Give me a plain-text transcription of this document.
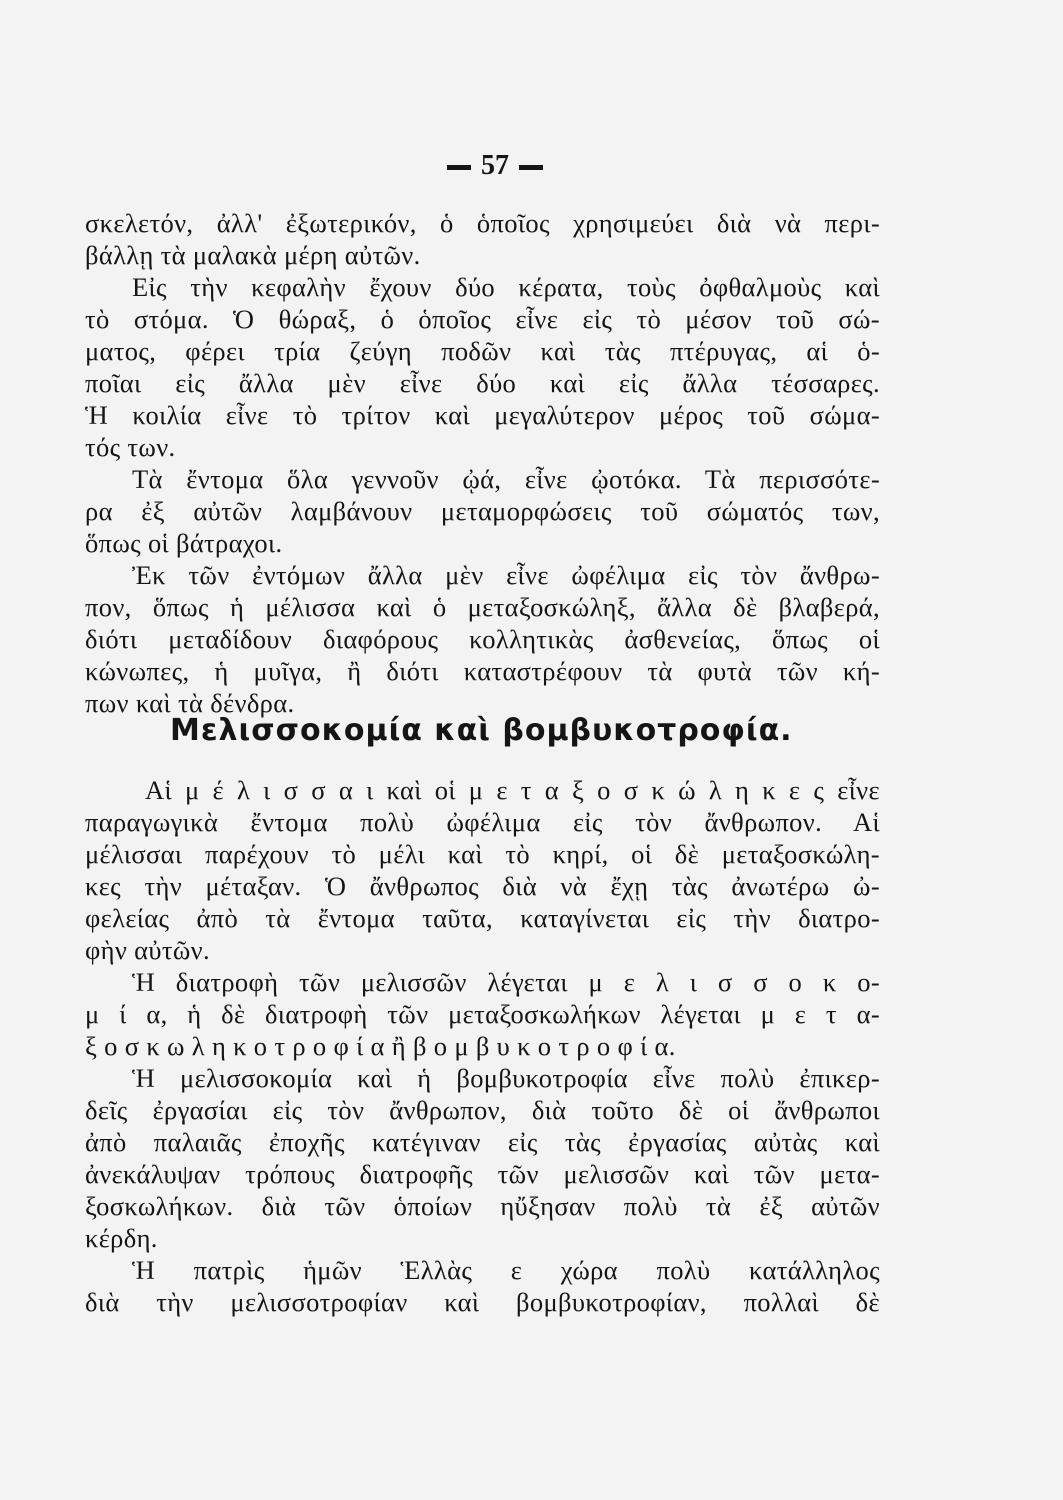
57
σκελετόν, ἀλλ' ἐξωτερικόν, ὁ ὁποῖος χρησιμεύει διὰ νὰ περι-
βάλλῃ τὰ μαλακὰ μέρη αὐτῶν.
Εἰς τὴν κεφαλὴν ἔχουν δύο κέρατα, τοὺς ὀφθαλμοὺς καὶ
τὸ στόμα. Ὁ θώραξ, ὁ ὁποῖος εἶνε εἰς τὸ μέσον τοῦ σώ-
ματος, φέρει τρία ζεύγη ποδῶν καὶ τὰς πτέρυγας, αἱ ὁ-
ποῖαι εἰς ἄλλα μὲν εἶνε δύο καὶ εἰς ἄλλα τέσσαρες.
Ἡ κοιλία εἶνε τὸ τρίτον καὶ μεγαλύτερον μέρος τοῦ σώμα-
τός των.
Τὰ ἔντομα ὅλα γεννοῦν ᾠά, εἶνε ᾠοτόκα. Τὰ περισσότε-
ρα ἐξ αὐτῶν λαμβάνουν μεταμορφώσεις τοῦ σώματός των,
ὅπως οἱ βάτραχοι.
Ἐκ τῶν ἐντόμων ἄλλα μὲν εἶνε ὠφέλιμα εἰς τὸν ἄνθρω-
πον, ὅπως ἡ μέλισσα καὶ ὁ μεταξοσκώληξ, ἄλλα δὲ βλαβερά,
διότι μεταδίδουν διαφόρους κολλητικὰς ἀσθενείας, ὅπως οἱ
κώνωπες, ἡ μυῖγα, ἢ διότι καταστρέφουν τὰ φυτὰ τῶν κή-
πων καὶ τὰ δένδρα.
Μελισσοκομία καὶ βομβυκοτροφία.
Αἱ μ έ λ ι σ σ α ι καὶ οἱ μ ε τ α ξ ο σ κ ώ λ η κ ε ς εἶνε
παραγωγικὰ ἔντομα πολὺ ὠφέλιμα εἰς τὸν ἄνθρωπον. Αἱ
μέλισσαι παρέχουν τὸ μέλι καὶ τὸ κηρί, οἱ δὲ μεταξοσκώλη-
κες τὴν μέταξαν. Ὁ ἄνθρωπος διὰ νὰ ἔχῃ τὰς ἀνωτέρω ὠ-
φελείας ἀπὸ τὰ ἔντομα ταῦτα, καταγίνεται εἰς τὴν διατρο-
φὴν αὐτῶν.
Ἡ διατροφὴ τῶν μελισσῶν λέγεται μ ε λ ι σ σ ο κ ο-
μ ί α, ἡ δὲ διατροφὴ τῶν μεταξοσκωλήκων λέγεται μ ε τ α-
ξ ο σ κ ω λ η κ ο τ ρ ο φ ί α ἢ β ο μ β υ κ ο τ ρ ο φ ί α.
Ἡ μελισσοκομία καὶ ἡ βομβυκοτροφία εἶνε πολὺ ἐπικερ-
δεῖς ἐργασίαι εἰς τὸν ἄνθρωπον, διὰ τοῦτο δὲ οἱ ἄνθρωποι
ἀπὸ παλαιᾶς ἐποχῆς κατέγιναν εἰς τὰς ἐργασίας αὐτὰς καὶ
ἀνεκάλυψαν τρόπους διατροφῆς τῶν μελισσῶν καὶ τῶν μετα-
ξοσκωλήκων. διὰ τῶν ὁποίων ηὔξησαν πολὺ τὰ ἐξ αὐτῶν
κέρδη.
Ἡ πατρὶς ἡμῶν Ἑλλὰς ε χώρα πολὺ κατάλληλος
διὰ τὴν μελισσοτροφίαν καὶ βομβυκοτροφίαν, πολλαὶ δὲ
